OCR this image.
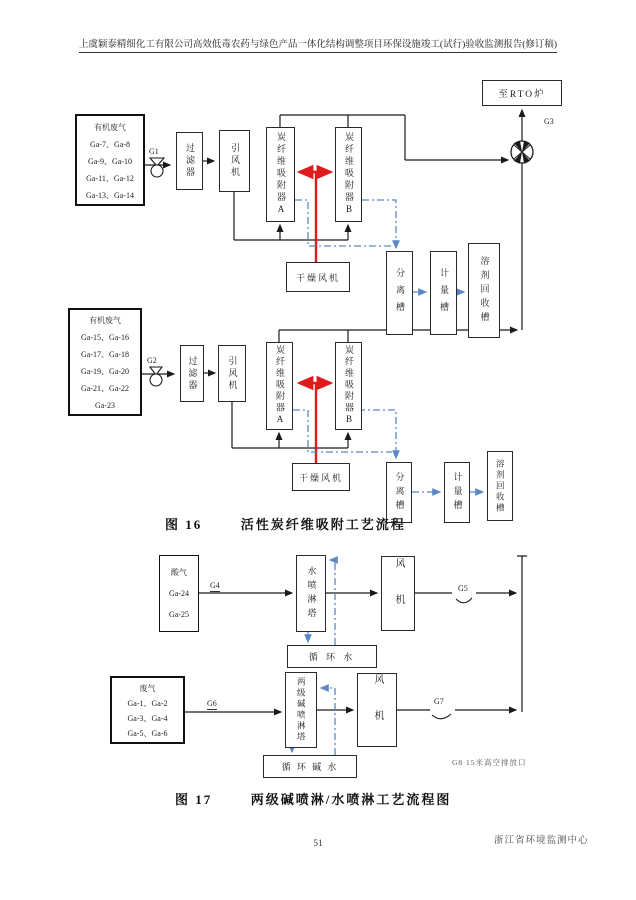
上虞颖泰精细化工有限公司高效低毒农药与绿色产品一体化结构调整项目环保设施竣工(试行)验收监测报告(修订稿)
至RTO炉
G3
有机废气
Ga-7、Ga-8
Ga-9、Ga-10
Ga-11、Ga-12
Ga-13、Ga-14
G1	过滤器	引风机	炭纤维吸附器A	炭纤维吸附器B
干燥风机	分离槽	计量槽	溶剂回收槽
有机废气
Ga-15、Ga-16
Ga-17、Ga-18
Ga-19、Ga-20
Ga-21、Ga-22
Ga-23
G2	过滤器	引风机	炭纤维吸附器A	炭纤维吸附器B
干燥风机	分离槽	计量槽	溶剂回收槽
图 16	活性炭纤维吸附工艺流程
酸气
Ga-24
Ga-25
G4	水喷淋塔	风机	G5
循 环 水
废气
Ga-1、Ga-2
Ga-3、Ga-4
Ga-5、Ga-6
G6	两级碱喷淋塔	风机	G7
循 环 碱 水	G8 15米高空排放口
图 17	两级碱喷淋/水喷淋工艺流程图
51	浙江省环境监测中心
